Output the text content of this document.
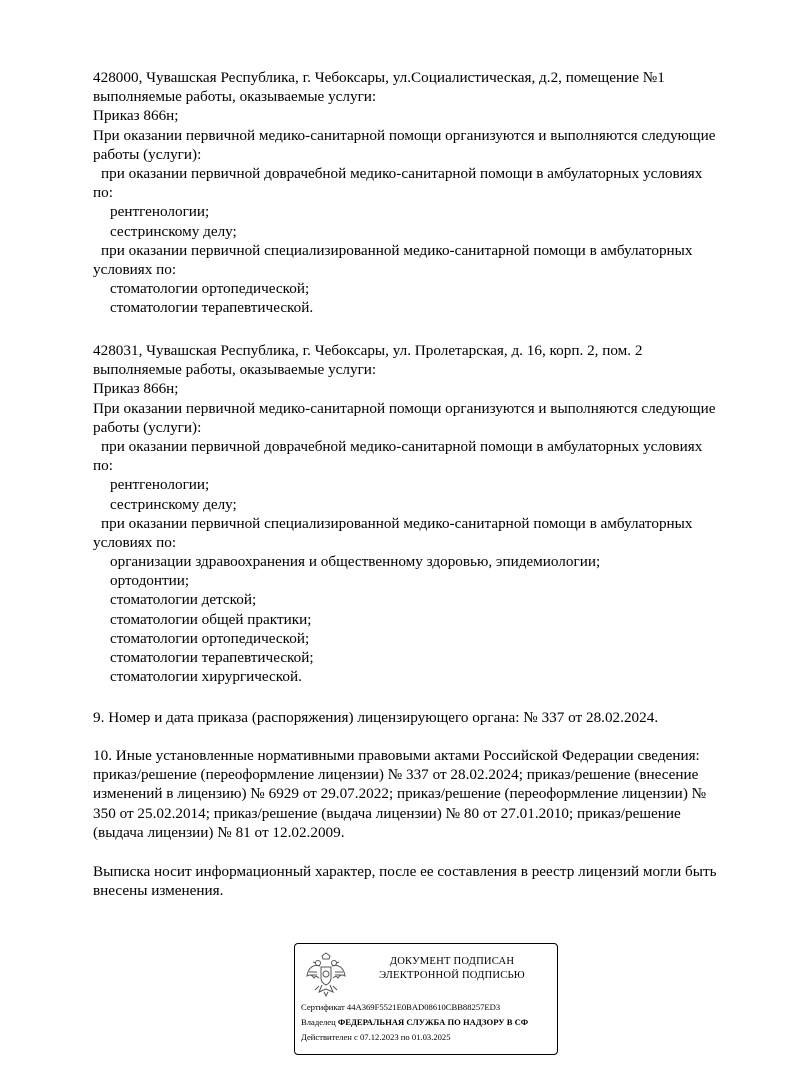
428000, Чувашская Республика, г. Чебоксары, ул.Социалистическая, д.2, помещение №1
выполняемые работы, оказываемые услуги:
Приказ 866н;
При оказании первичной медико-санитарной помощи организуются и выполняются следующие
работы (услуги):
при оказании первичной доврачебной медико-санитарной помощи в амбулаторных условиях
по:
рентгенологии;
сестринскому делу;
при оказании первичной специализированной медико-санитарной помощи в амбулаторных
условиях по:
стоматологии ортопедической;
стоматологии терапевтической.
428031, Чувашская Республика, г. Чебоксары, ул. Пролетарская, д. 16, корп. 2, пом. 2
выполняемые работы, оказываемые услуги:
Приказ 866н;
При оказании первичной медико-санитарной помощи организуются и выполняются следующие
работы (услуги):
при оказании первичной доврачебной медико-санитарной помощи в амбулаторных условиях
по:
рентгенологии;
сестринскому делу;
при оказании первичной специализированной медико-санитарной помощи в амбулаторных
условиях по:
организации здравоохранения и общественному здоровью, эпидемиологии;
ортодонтии;
стоматологии детской;
стоматологии общей практики;
стоматологии ортопедической;
стоматологии терапевтической;
стоматологии хирургической.
9. Номер и дата приказа (распоряжения) лицензирующего органа: № 337 от 28.02.2024.
10. Иные установленные нормативными правовыми актами Российской Федерации сведения:
приказ/решение (переоформление лицензии) № 337 от 28.02.2024; приказ/решение (внесение
изменений в лицензию) № 6929 от 29.07.2022; приказ/решение (переоформление лицензии) №
350 от 25.02.2014; приказ/решение (выдача лицензии) № 80 от 27.01.2010; приказ/решение
(выдача лицензии) № 81 от 12.02.2009.
Выписка носит информационный характер, после ее составления в реестр лицензий могли быть
внесены изменения.
ДОКУМЕНТ ПОДПИСАН
ЭЛЕКТРОННОЙ ПОДПИСЬЮ
Сертификат 44A369F5521E0BAD08610CBB88257ED3
Владелец ФЕДЕРАЛЬНАЯ СЛУЖБА ПО НАДЗОРУ В СФ
Действителен с 07.12.2023 по 01.03.2025
